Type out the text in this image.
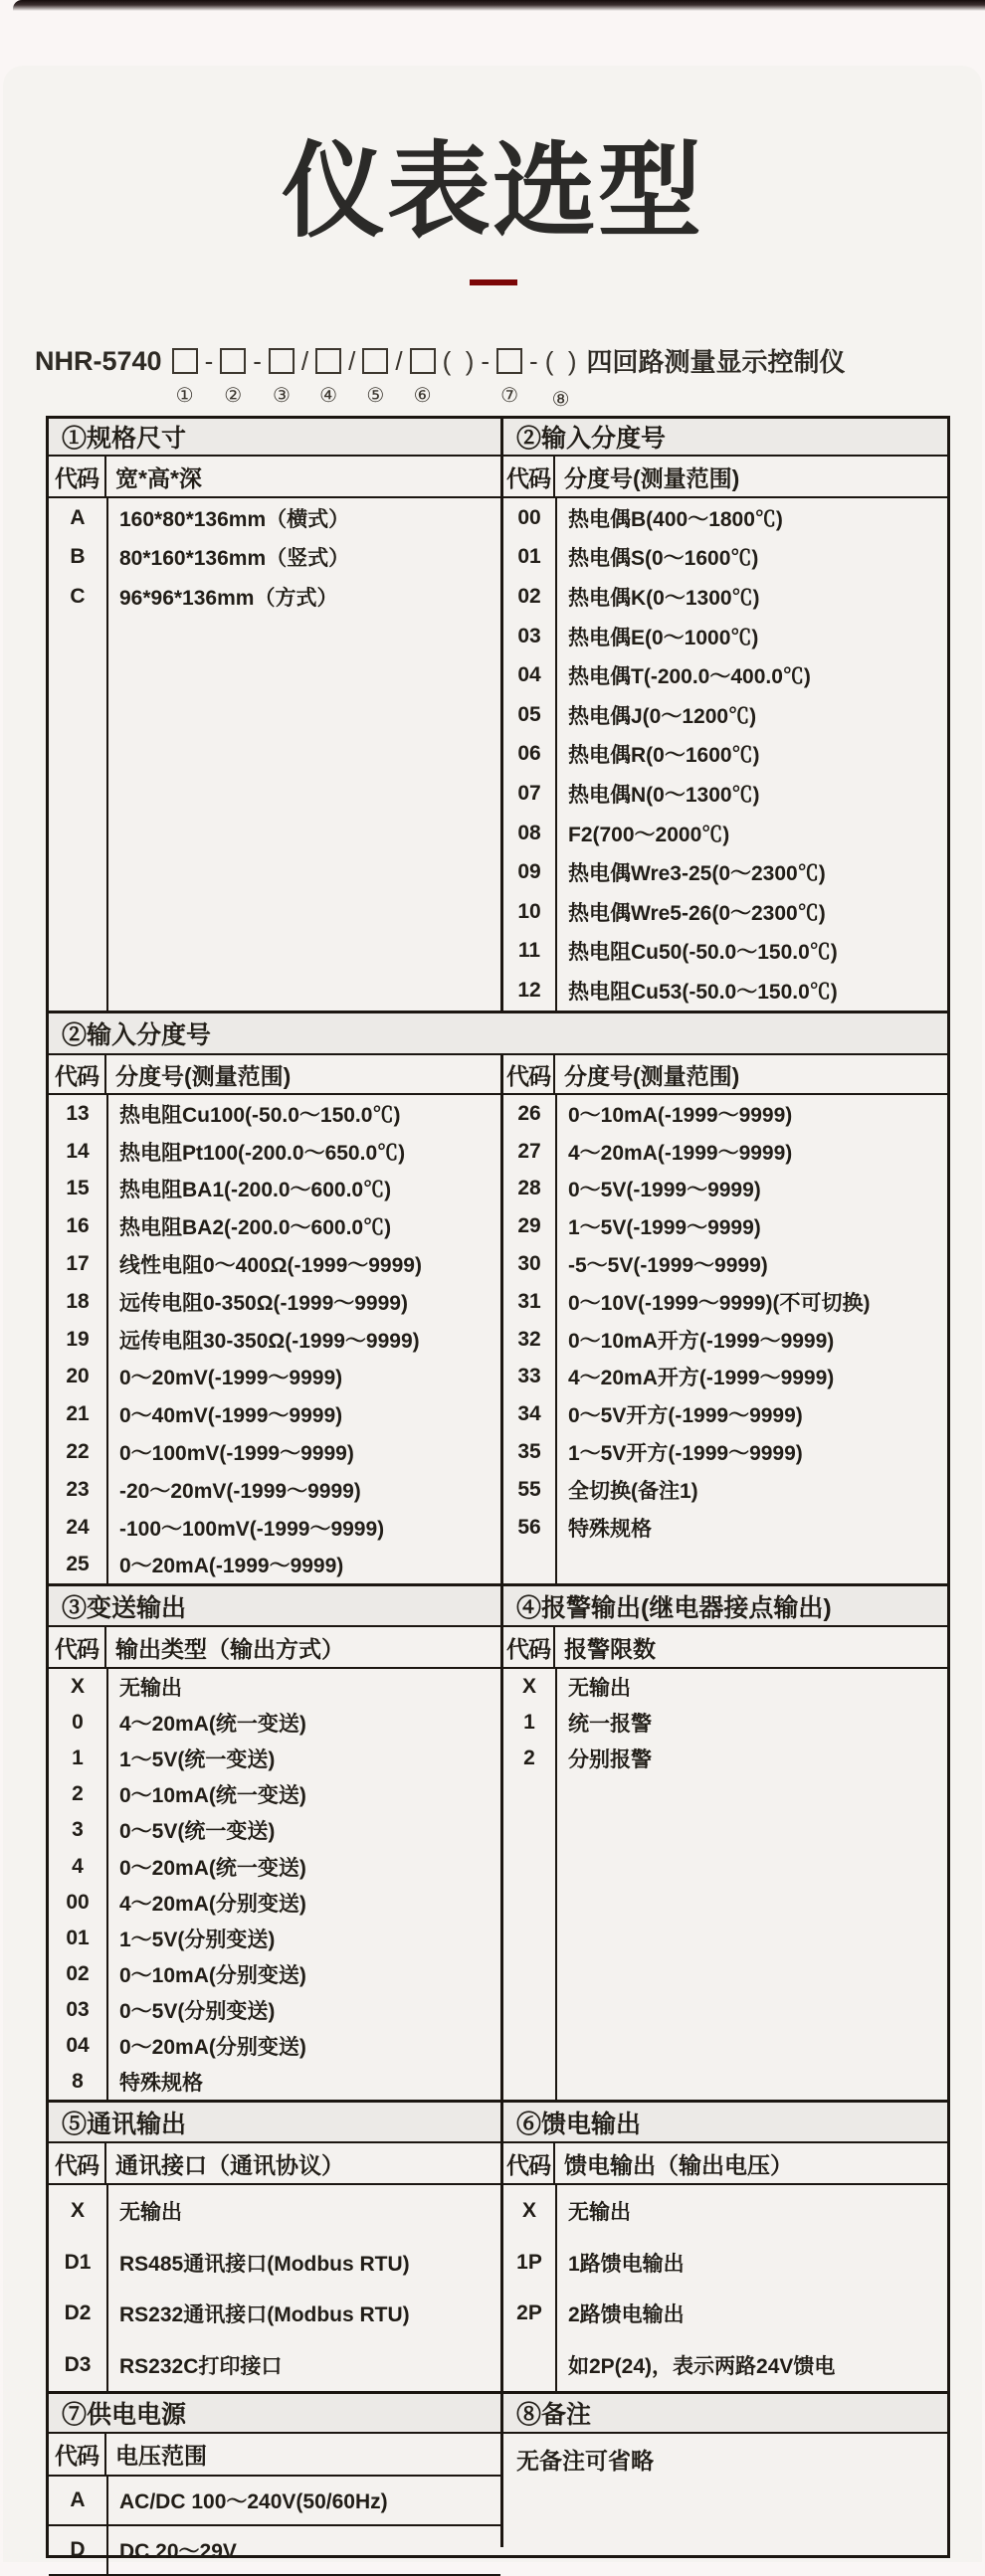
仪表选型
NHR-5740
①
-
②
-
③
/
④
/
⑤
/
⑥
(  ) -
⑦
- (  )
⑧
四回路测量显示控制仪
①规格尺寸	②输入分度号
代码 宽*高*深	代码 分度号(测量范围)
A	160*80*136mm（横式）
B	80*160*136mm（竖式）
C	96*96*136mm（方式）
00	热电偶B(400～1800℃)
01	热电偶S(0～1600℃)
02	热电偶K(0～1300℃)
03	热电偶E(0～1000℃)
04	热电偶T(-200.0～400.0℃)
05	热电偶J(0～1200℃)
06	热电偶R(0～1600℃)
07	热电偶N(0～1300℃)
08	F2(700～2000℃)
09	热电偶Wre3-25(0～2300℃)
10	热电偶Wre5-26(0～2300℃)
11	热电阻Cu50(-50.0～150.0℃)
12	热电阻Cu53(-50.0～150.0℃)
②输入分度号
代码 分度号(测量范围)	代码 分度号(测量范围)
13	热电阻Cu100(-50.0～150.0℃)
14	热电阻Pt100(-200.0～650.0℃)
15	热电阻BA1(-200.0～600.0℃)
16	热电阻BA2(-200.0～600.0℃)
17	线性电阻0～400Ω(-1999～9999)
18	远传电阻0-350Ω(-1999～9999)
19	远传电阻30-350Ω(-1999～9999)
20	0～20mV(-1999～9999)
21	0～40mV(-1999～9999)
22	0～100mV(-1999～9999)
23	-20～20mV(-1999～9999)
24	-100～100mV(-1999～9999)
25	0～20mA(-1999～9999)
26	0～10mA(-1999～9999)
27	4～20mA(-1999～9999)
28	0～5V(-1999～9999)
29	1～5V(-1999～9999)
30	-5～5V(-1999～9999)
31	0～10V(-1999～9999)(不可切换)
32	0～10mA开方(-1999～9999)
33	4～20mA开方(-1999～9999)
34	0～5V开方(-1999～9999)
35	1～5V开方(-1999～9999)
55	全切换(备注1)
56	特殊规格
③变送输出	④报警输出(继电器接点输出)
代码 输出类型（输出方式）	代码 报警限数
X	无输出
0	4～20mA(统一变送)
1	1～5V(统一变送)
2	0～10mA(统一变送)
3	0～5V(统一变送)
4	0～20mA(统一变送)
00	4～20mA(分别变送)
01	1～5V(分别变送)
02	0～10mA(分别变送)
03	0～5V(分别变送)
04	0～20mA(分别变送)
8	特殊规格
X	无输出
1	统一报警
2	分别报警
⑤通讯输出	⑥馈电输出
代码 通讯接口（通讯协议）	代码 馈电输出（输出电压）
X	无输出
D1	RS485通讯接口(Modbus RTU)
D2	RS232通讯接口(Modbus RTU)
D3	RS232C打印接口
X	无输出
1P	1路馈电输出
2P	2路馈电输出
如2P(24)，表示两路24V馈电
⑦供电电源	⑧备注
代码 电压范围
A	AC/DC 100～240V(50/60Hz)
D	DC 20～29V
无备注可省略
